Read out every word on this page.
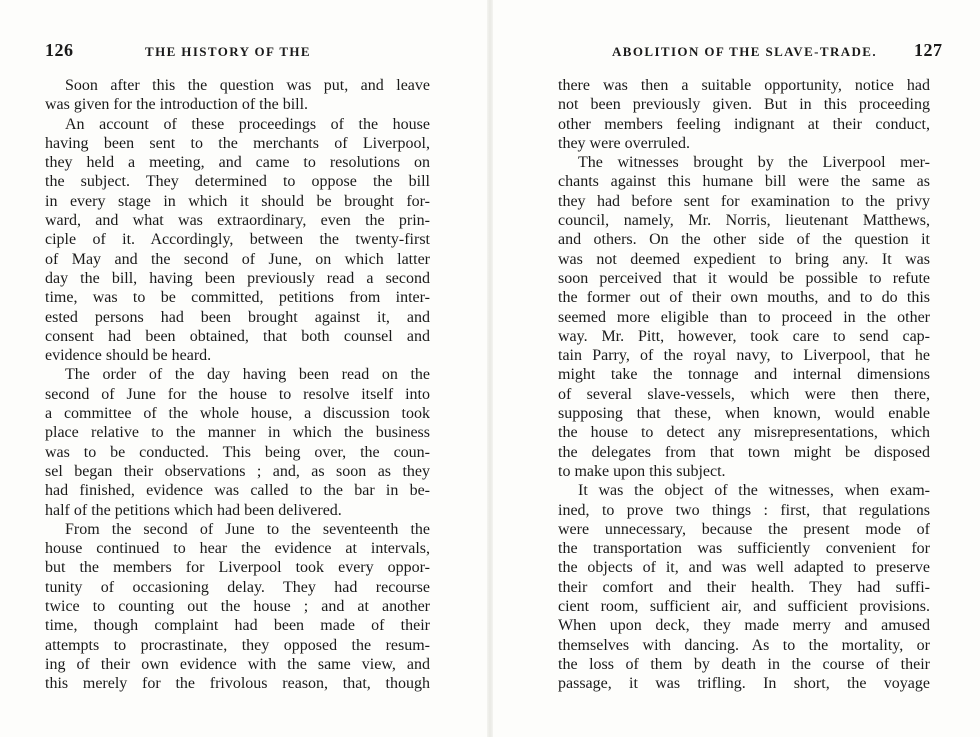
126	THE HISTORY OF THE
Soon after this the question was put, and leave
was given for the introduction of the bill.
An account of these proceedings of the house
having been sent to the merchants of Liverpool,
they held a meeting, and came to resolutions on
the subject. They determined to oppose the bill
in every stage in which it should be brought for-
ward, and what was extraordinary, even the prin-
ciple of it. Accordingly, between the twenty-first
of May and the second of June, on which latter
day the bill, having been previously read a second
time, was to be committed, petitions from inter-
ested persons had been brought against it, and
consent had been obtained, that both counsel and
evidence should be heard.
The order of the day having been read on the
second of June for the house to resolve itself into
a committee of the whole house, a discussion took
place relative to the manner in which the business
was to be conducted. This being over, the coun-
sel began their observations ; and, as soon as they
had finished, evidence was called to the bar in be-
half of the petitions which had been delivered.
From the second of June to the seventeenth the
house continued to hear the evidence at intervals,
but the members for Liverpool took every oppor-
tunity of occasioning delay. They had recourse
twice to counting out the house ; and at another
time, though complaint had been made of their
attempts to procrastinate, they opposed the resum-
ing of their own evidence with the same view, and
this merely for the frivolous reason, that, though
ABOLITION OF THE SLAVE-TRADE. 127
there was then a suitable opportunity, notice had
not been previously given. But in this proceeding
other members feeling indignant at their conduct,
they were overruled.
The witnesses brought by the Liverpool mer-
chants against this humane bill were the same as
they had before sent for examination to the privy
council, namely, Mr. Norris, lieutenant Matthews,
and others. On the other side of the question it
was not deemed expedient to bring any. It was
soon perceived that it would be possible to refute
the former out of their own mouths, and to do this
seemed more eligible than to proceed in the other
way. Mr. Pitt, however, took care to send cap-
tain Parry, of the royal navy, to Liverpool, that he
might take the tonnage and internal dimensions
of several slave-vessels, which were then there,
supposing that these, when known, would enable
the house to detect any misrepresentations, which
the delegates from that town might be disposed
to make upon this subject.
It was the object of the witnesses, when exam-
ined, to prove two things : first, that regulations
were unnecessary, because the present mode of
the transportation was sufficiently convenient for
the objects of it, and was well adapted to preserve
their comfort and their health. They had suffi-
cient room, sufficient air, and sufficient provisions.
When upon deck, they made merry and amused
themselves with dancing. As to the mortality, or
the loss of them by death in the course of their
passage, it was trifling. In short, the voyage
